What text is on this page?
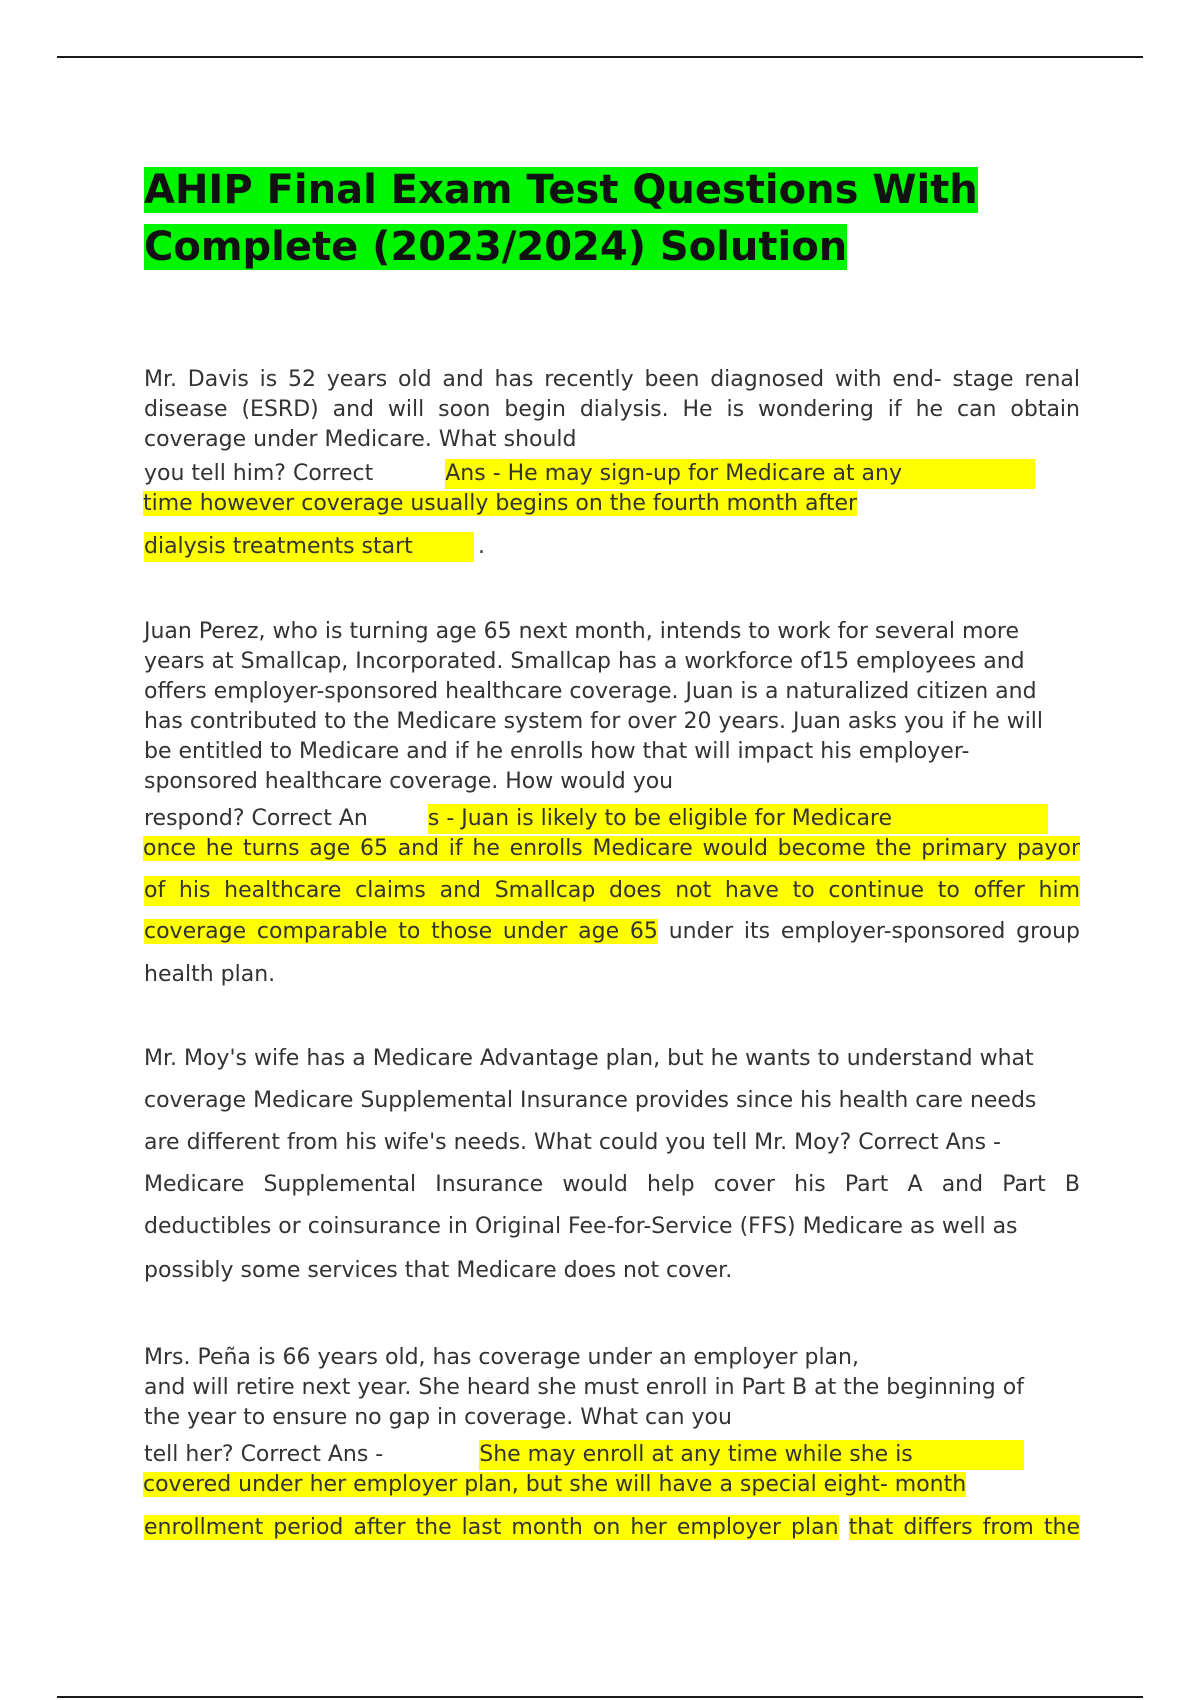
AHIP Final Exam Test Questions With
Complete (2023/2024) Solution
Mr. Davis is 52 years old and has recently been diagnosed with end- stage renal
disease (ESRD) and will soon begin dialysis. He is wondering if he can obtain
coverage under Medicare. What should
you tell him? Correct	Ans - He may sign-up for Medicare at any
time however coverage usually begins on the fourth month after
dialysis treatments start	.
Juan Perez, who is turning age 65 next month, intends to work for several more
years at Smallcap, Incorporated. Smallcap has a workforce of15 employees and
offers employer-sponsored healthcare coverage. Juan is a naturalized citizen and
has contributed to the Medicare system for over 20 years. Juan asks you if he will
be entitled to Medicare and if he enrolls how that will impact his employer-
sponsored healthcare coverage. How would you
respond? Correct An	s - Juan is likely to be eligible for Medicare
once he turns age 65 and if he enrolls Medicare would become the primary payor
of his healthcare claims and Smallcap does not have to continue to offer him
coverage comparable to those under age 65 under its employer-sponsored group
health plan.
Mr. Moy's wife has a Medicare Advantage plan, but he wants to understand what
coverage Medicare Supplemental Insurance provides since his health care needs
are different from his wife's needs. What could you tell Mr. Moy? Correct Ans -
Medicare Supplemental Insurance would help cover his Part A and Part B
deductibles or coinsurance in Original Fee-for-Service (FFS) Medicare as well as
possibly some services that Medicare does not cover.
Mrs. Peña is 66 years old, has coverage under an employer plan,
and will retire next year. She heard she must enroll in Part B at the beginning of
the year to ensure no gap in coverage. What can you
tell her? Correct Ans -	She may enroll at any time while she is
covered under her employer plan, but she will have a special eight- month
enrollment period after the last month on her employer plan that differs from the
